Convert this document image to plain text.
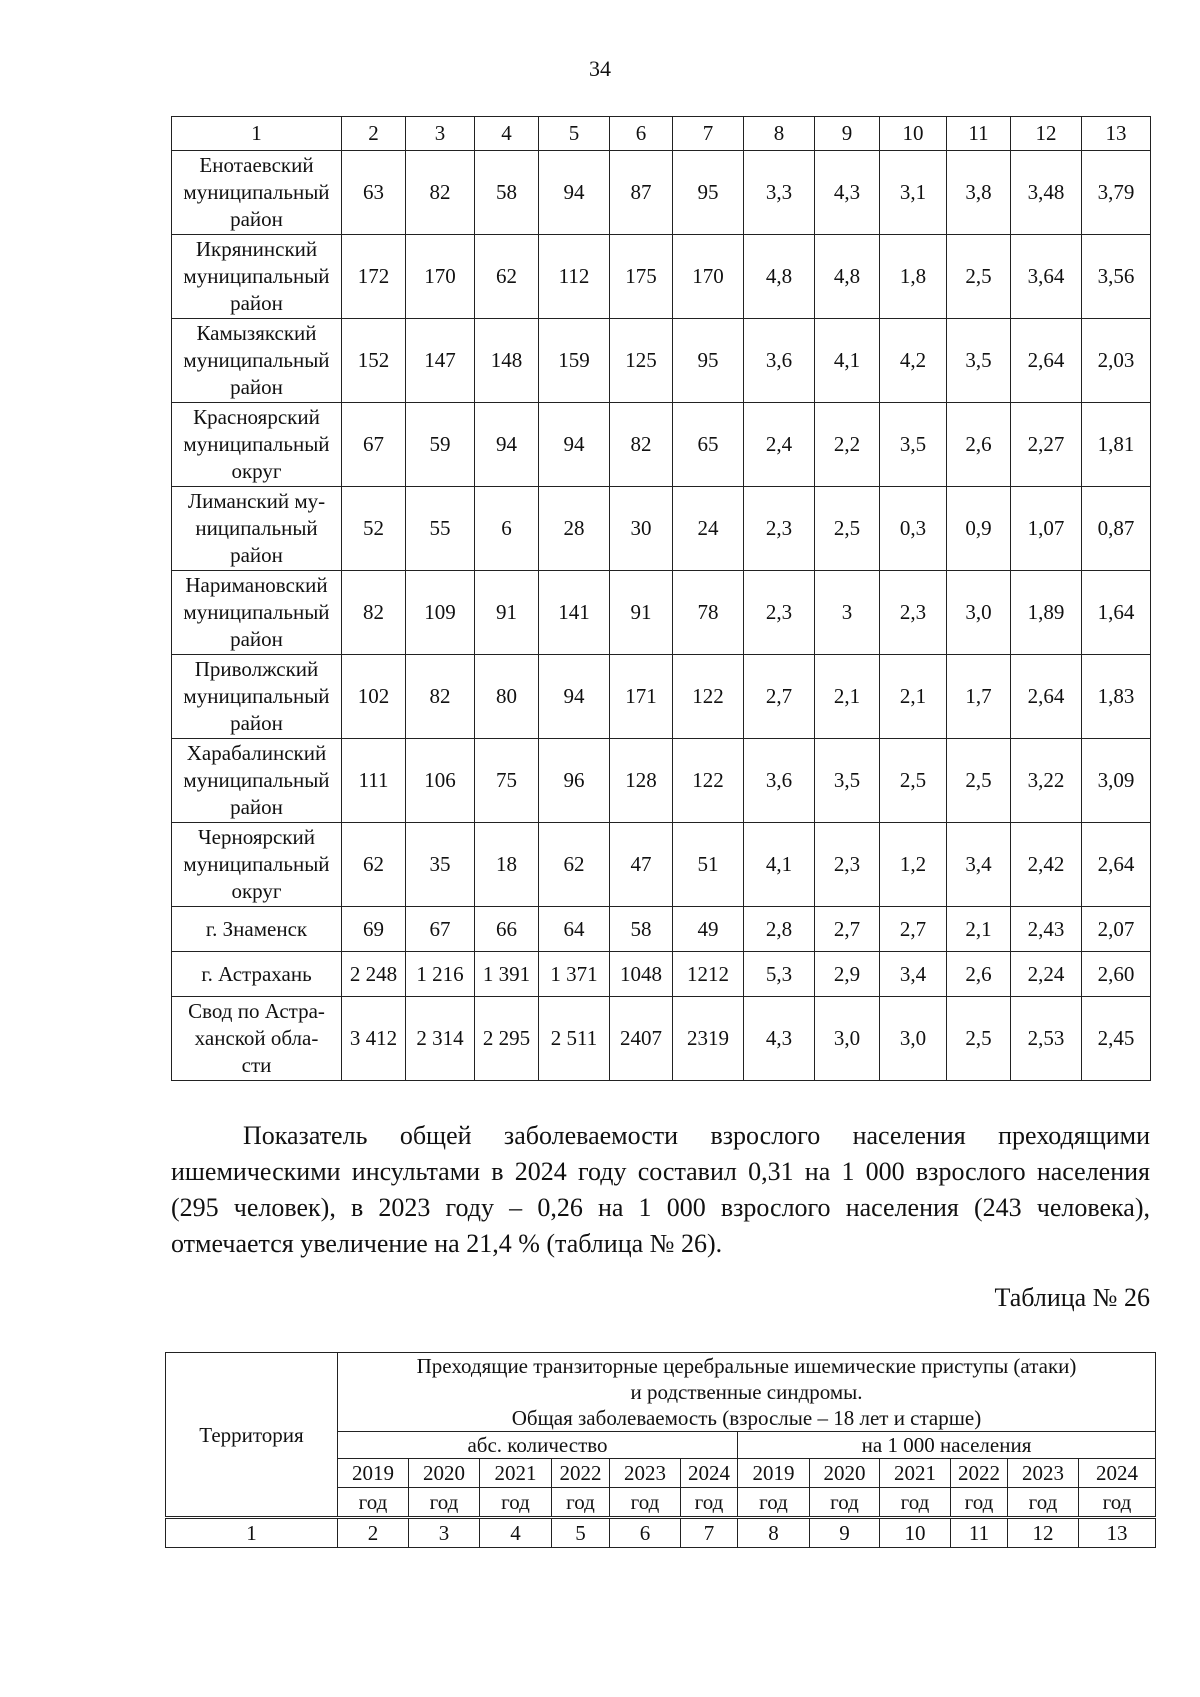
34
1	2	3	4	5	6	7	8	9	10	11	12	13

Енотаевский
муниципальный
район	63	82	58	94	87	95	3,3	4,3	3,1	3,8	3,48	3,79

Икрянинский
муниципальный
район	172	170	62	112	175	170	4,8	4,8	1,8	2,5	3,64	3,56

Камызякский
муниципальный
район	152	147	148	159	125	95	3,6	4,1	4,2	3,5	2,64	2,03

Красноярский
муниципальный
округ	67	59	94	94	82	65	2,4	2,2	3,5	2,6	2,27	1,81

Лиманский му-
ниципальный
район	52	55	6	28	30	24	2,3	2,5	0,3	0,9	1,07	0,87

Наримановский
муниципальный
район	82	109	91	141	91	78	2,3	3	2,3	3,0	1,89	1,64

Приволжский
муниципальный
район	102	82	80	94	171	122	2,7	2,1	2,1	1,7	2,64	1,83

Харабалинский
муниципальный
район	111	106	75	96	128	122	3,6	3,5	2,5	2,5	3,22	3,09

Черноярский
муниципальный
округ	62	35	18	62	47	51	4,1	2,3	1,2	3,4	2,42	2,64

г. Знаменск	69	67	66	64	58	49	2,8	2,7	2,7	2,1	2,43	2,07

г. Астрахань	2 248	1 216	1 391	1 371	1048	1212	5,3	2,9	3,4	2,6	2,24	2,60

Свод по Астра-
ханской обла-
сти	3 412	2 314	2 295	2 511	2407	2319	4,3	3,0	3,0	2,5	2,53	2,45

Показатель общей заболеваемости взрослого населения преходящими ишемическими инсультами в 2024 году составил 0,31 на 1 000 взрослого населения (295 человек), в 2023 году – 0,26 на 1 000 взрослого населения (243 человека), отмечается увеличение на 21,4 % (таблица № 26).

Таблица № 26
Территория	Преходящие транзиторные церебральные ишемические приступы (атаки)
и родственные синдромы.
Общая заболеваемость (взрослые – 18 лет и старше)											

	абс. количество						на 1 000 населения					
	2019	2020	2021	2022	2023	2024	2019	2020	2021	2022	2023	2024
	год	год	год	год	год	год	год	год	год	год	год	год
1	2	3	4	5	6	7	8	9	10	11	12	13
